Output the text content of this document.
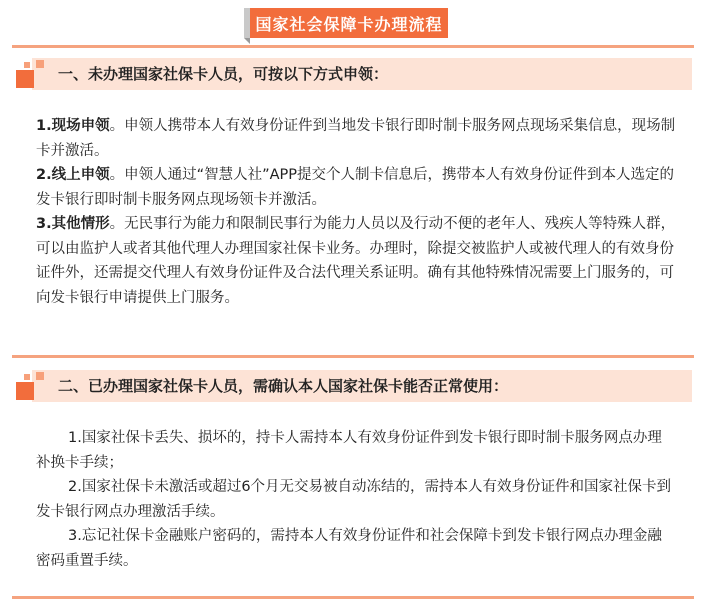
国家社会保障卡办理流程
一、未办理国家社保卡人员，可按以下方式申领：
1.现场申领。申领人携带本人有效身份证件到当地发卡银行即时制卡服务网点现场采集信息，现场制卡并激活。
2.线上申领。申领人通过“智慧人社”APP提交个人制卡信息后，携带本人有效身份证件到本人选定的发卡银行即时制卡服务网点现场领卡并激活。
3.其他情形。无民事行为能力和限制民事行为能力人员以及行动不便的老年人、残疾人等特殊人群，可以由监护人或者其他代理人办理国家社保卡业务。办理时，除提交被监护人或被代理人的有效身份证件外，还需提交代理人有效身份证件及合法代理关系证明。确有其他特殊情况需要上门服务的，可向发卡银行申请提供上门服务。
二、已办理国家社保卡人员，需确认本人国家社保卡能否正常使用：
1.国家社保卡丢失、损坏的，持卡人需持本人有效身份证件到发卡银行即时制卡服务网点办理补换卡手续；
2.国家社保卡未激活或超过6个月无交易被自动冻结的，需持本人有效身份证件和国家社保卡到发卡银行网点办理激活手续。
3.忘记社保卡金融账户密码的，需持本人有效身份证件和社会保障卡到发卡银行网点办理金融密码重置手续。
